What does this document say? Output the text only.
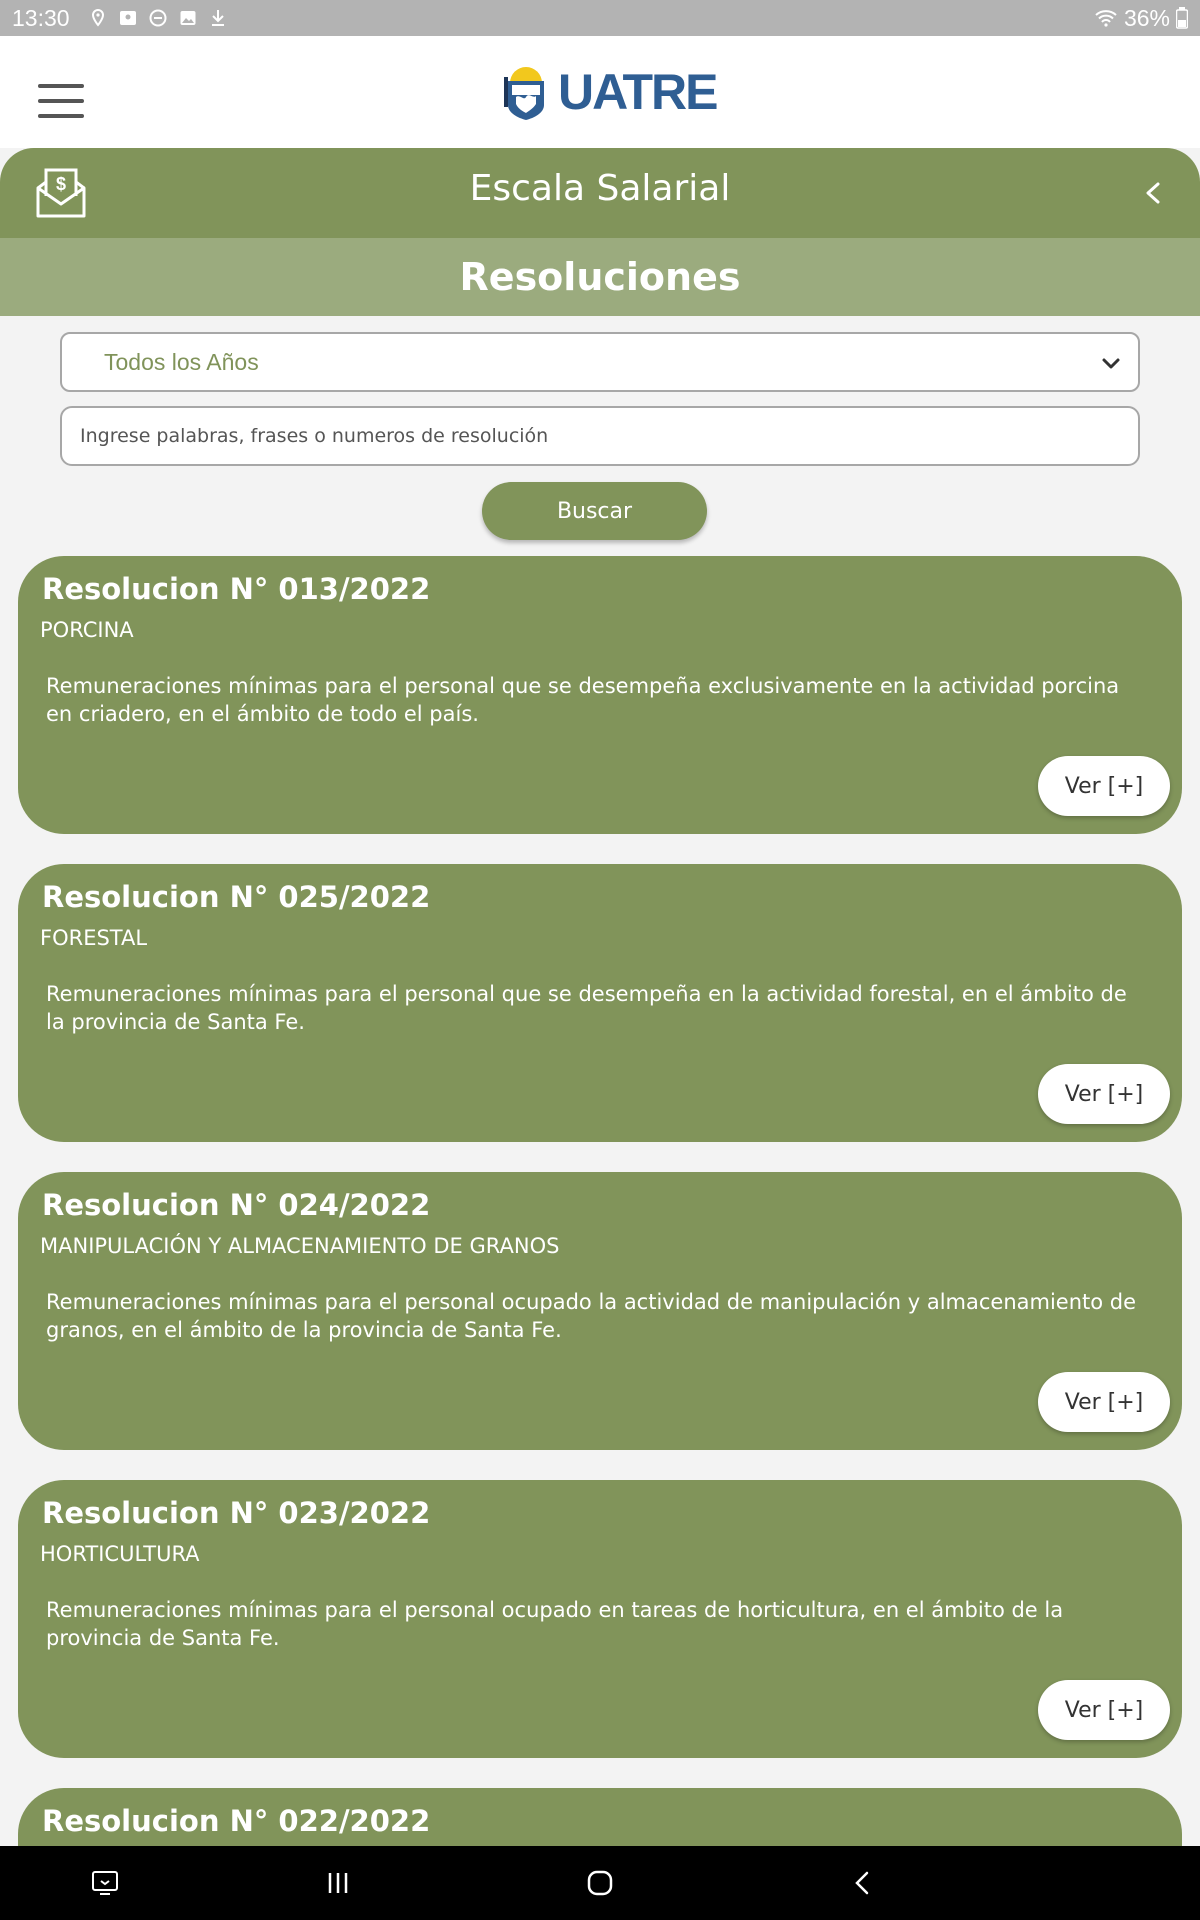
13:30	36%
UATRE
$	Escala Salarial
Resoluciones
Todos los Años
Ingrese palabras, frases o numeros de resolución
Buscar
Resolucion N° 013/2022
PORCINA
Remuneraciones mínimas para el personal que se desempeña exclusivamente en la actividad porcina en criadero, en el ámbito de todo el país.
Ver [+]
Resolucion N° 025/2022
FORESTAL
Remuneraciones mínimas para el personal que se desempeña en la actividad forestal, en el ámbito de la provincia de Santa Fe.
Ver [+]
Resolucion N° 024/2022
MANIPULACIÓN Y ALMACENAMIENTO DE GRANOS
Remuneraciones mínimas para el personal ocupado la actividad de manipulación y almacenamiento de granos, en el ámbito de la provincia de Santa Fe.
Ver [+]
Resolucion N° 023/2022
HORTICULTURA
Remuneraciones mínimas para el personal ocupado en tareas de horticultura, en el ámbito de la provincia de Santa Fe.
Ver [+]
Resolucion N° 022/2022
